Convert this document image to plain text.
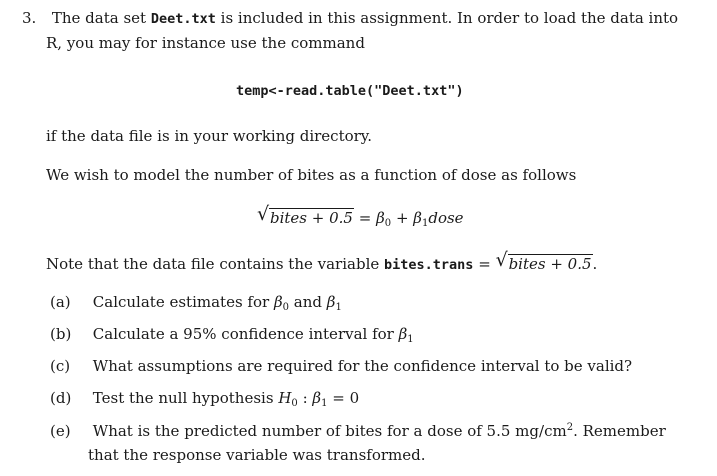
3. The data set Deet.txt is included in this assignment. In order to load the data into
R, you may for instance use the command
temp<-read.table("Deet.txt")
if the data file is in your working directory.
We wish to model the number of bites as a function of dose as follows
√ bites + $0.5 = \beta_0$ + $\beta_1dose$
Note that the data file contains the variable bites.trans = √ bites + 0.5.
(a) Calculate estimates for $\beta_0$ and $\beta_1$
(b) Calculate a 95% confidence interval for $\beta_1$
(c) What assumptions are required for the confidence interval to be valid?
(d) Test the null hypothesis $H_0$ : $\beta_1 = 0$
(e) What is the predicted number of bites for a dose of 5.5 $mg/cm^2$. Remember
that the response variable was transformed.
